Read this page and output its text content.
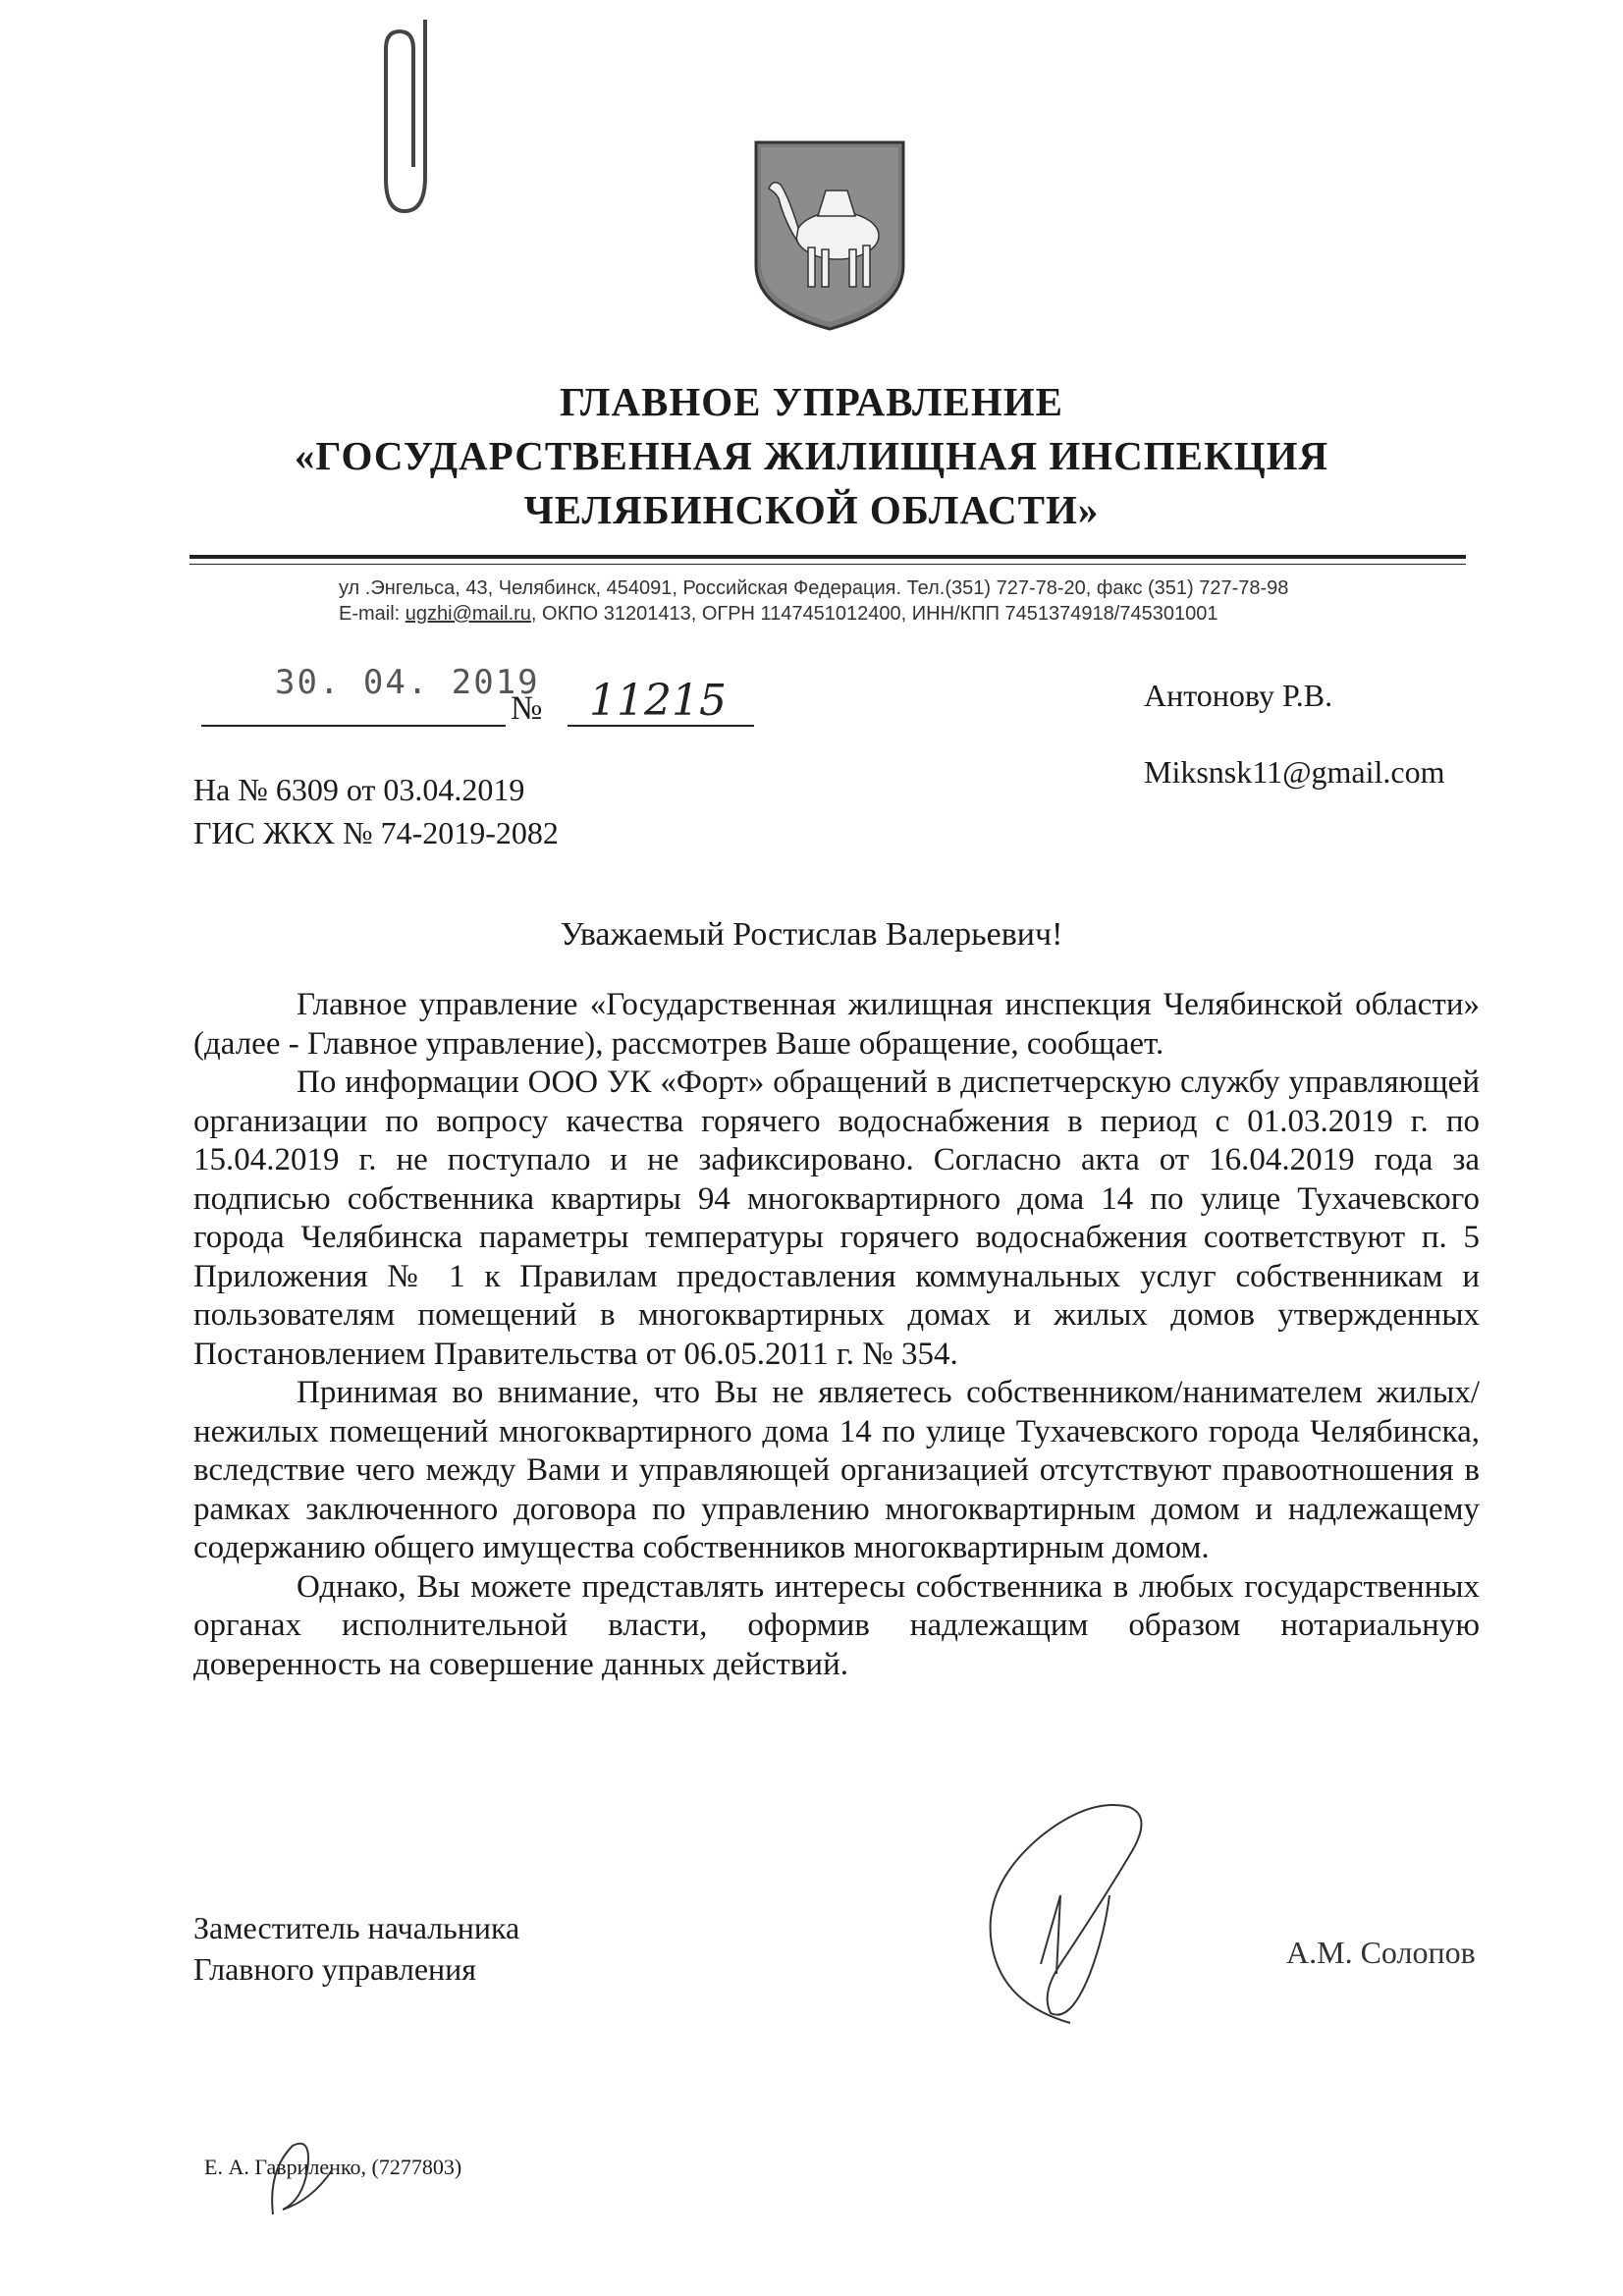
ГЛАВНОЕ УПРАВЛЕНИЕ
«ГОСУДАРСТВЕННАЯ ЖИЛИЩНАЯ ИНСПЕКЦИЯ
ЧЕЛЯБИНСКОЙ ОБЛАСТИ»
ул .Энгельса, 43, Челябинск, 454091, Российская Федерация. Тел.(351) 727-78-20, факс (351) 727-78-98
E-mail: ugzhi@mail.ru, ОКПО 31201413, ОГРН 1147451012400, ИНН/КПП 7451374918/745301001
30. 04. 2019
№ 11215	Антонову Р.В.
Miksnsk11@gmail.com
На № 6309 от 03.04.2019
ГИС ЖКХ № 74-2019-2082
Уважаемый Ростислав Валерьевич!

Главное управление «Государственная жилищная инспекция Челябинской области» (далее - Главное управление), рассмотрев Ваше обращение, сообщает.

По информации ООО УК «Форт» обращений в диспетчерскую службу управляющей организации по вопросу качества горячего водоснабжения в период с 01.03.2019 г. по 15.04.2019 г. не поступало и не зафиксировано. Согласно акта от 16.04.2019 года за подписью собственника квартиры 94 многоквартирного дома 14 по улице Тухачевского города Челябинска параметры температуры горячего водоснабжения соответствуют п. 5 Приложения № 1 к Правилам предоставления коммунальных услуг собственникам и пользователям помещений в многоквартирных домах и жилых домов утвержденных Постановлением Правительства от 06.05.2011 г. № 354.

Принимая во внимание, что Вы не являетесь собственником/нанимателем жилых/нежилых помещений многоквартирного дома 14 по улице Тухачевского города Челябинска, вследствие чего между Вами и управляющей организацией отсутствуют правоотношения в рамках заключенного договора по управлению многоквартирным домом и надлежащему содержанию общего имущества собственников многоквартирным домом.

Однако, Вы можете представлять интересы собственника в любых государственных органах исполнительной власти, оформив надлежащим образом нотариальную доверенность на совершение данных действий.

Заместитель начальника
Главного управления	А.М. Солопов
Е. А. Гавриленко, (7277803)
